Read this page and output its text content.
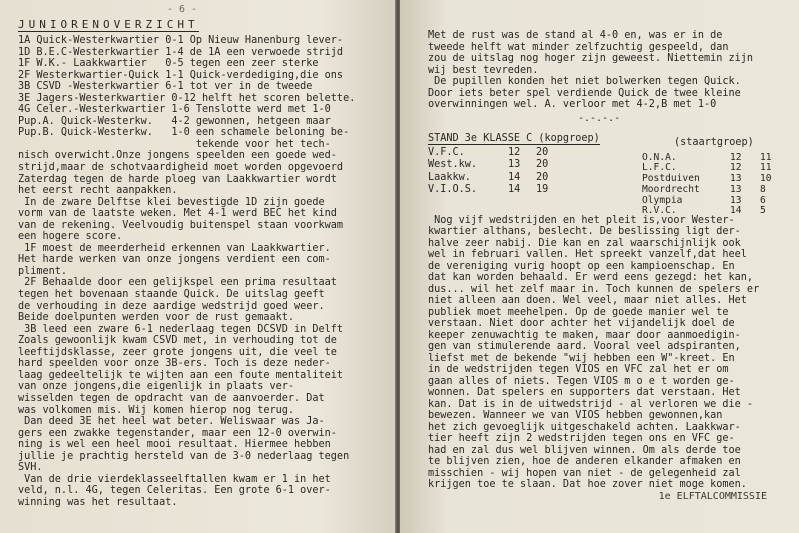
- 6 -
JUNIORENOVERZICHT
1A Quick-Westerkwartier 0-1 Op Nieuw Hanenburg lever-
1D B.E.C-Westerkwartier 1-4 de 1A een verwoede strijd
1F W.K.- Laakkwartier   0-5 tegen een zeer sterke
2F Westerkwartier-Quick 1-1 Quick-verdediging,die ons
3B CSVD -Westerkwartier 6-1 tot ver in de tweede
3E Jagers-Westerkwartier 0-12 helft het scoren belette.
4G Celer.-Westerkwartier 1-6 Tenslotte werd met 1-0
Pup.A. Quick-Westerkw.   4-2 gewonnen, hetgeen maar
Pup.B. Quick-Westerkw.   1-0 een schamele beloning be-
tekende voor het tech-
nisch overwicht.Onze jongens speelden een goede wed-
strijd,maar de schotvaardigheid moet worden opgevoerd
Zaterdag tegen de harde ploeg van Laakkwartier wordt
het eerst recht aanpakken.
In de zware Delftse klei bevestigde 1D zijn goede
vorm van de laatste weken. Met 4-1 werd BEC het kind
van de rekening. Veelvoudig buitenspel staan voorkwam
een hogere score.
1F moest de meerderheid erkennen van Laakkwartier.
Het harde werken van onze jongens verdient een com-
pliment.
2F Behaalde door een gelijkspel een prima resultaat
tegen het bovenaan staande Quick. De uitslag geeft
de verhouding in deze aardige wedstrijd goed weer.
Beide doelpunten werden voor de rust gemaakt.
3B leed een zware 6-1 nederlaag tegen DCSVD in Delft
Zoals gewoonlijk kwam CSVD met, in verhouding tot de
leeftijdsklasse, zeer grote jongens uit, die veel te
hard speelden voor onze 3B-ers. Toch is deze neder-
laag gedeeltelijk te wijten aan een foute mentaliteit
van onze jongens,die eigenlijk in plaats ver-
wisselden tegen de opdracht van de aanvoerder. Dat
was volkomen mis. Wij komen hierop nog terug.
Dan deed 3E het heel wat beter. Weliswaar was Ja-
gers een zwakke tegenstander, maar een 12-0 overwin-
ning is wel een heel mooi resultaat. Hiermee hebben
jullie je prachtig hersteld van de 3-0 nederlaag tegen
SVH.
Van de drie vierdeklasseelftallen kwam er 1 in het
veld, n.l. 4G, tegen Celeritas. Een grote 6-1 over-
winning was het resultaat.
Met de rust was de stand al 4-0 en, was er in de
tweede helft wat minder zelfzuchtig gespeeld, dan
zou de uitslag nog hoger zijn geweest. Niettemin zijn
wij best tevreden.
De pupillen konden het niet bolwerken tegen Quick.
Door iets beter spel verdiende Quick de twee kleine
overwinningen wel. A. verloor met 4-2,B met 1-0
-.-.-.-
STAND 3e KLASSE C (kopgroep)	(staartgroep)
V.F.C.	12	20
West.kw.	13	20
Laakkw.	14	20
V.I.O.S.	14	19
O.N.A.	12	11
L.F.C.	12	11
Postduiven	13	10
Moordrecht	13	8
Olympia	13	6
R.V.C.	14	5
Nog vijf wedstrijden en het pleit is,voor Wester-
kwartier althans, beslecht. De beslissing ligt der-
halve zeer nabij. Die kan en zal waarschijnlijk ook
wel in februari vallen. Het spreekt vanzelf,dat heel
de vereniging vurig hoopt op een kampioenschap. En
dat kan worden behaald. Er werd eens gezegd: het kan,
dus... wil het zelf maar in. Toch kunnen de spelers er
niet alleen aan doen. Wel veel, maar niet alles. Het
publiek moet meehelpen. Op de goede manier wel te
verstaan. Niet door achter het vijandelijk doel de
keeper zenuwachtig te maken, maar door aanmoedigin-
gen van stimulerende aard. Vooral veel adspiranten,
liefst met de bekende "wij hebben een W"-kreet. En
in de wedstrijden tegen VIOS en VFC zal het er om
gaan alles of niets. Tegen VIOS m o e t worden ge-
wonnen. Dat spelers en supporters dat verstaan. Het
kan. Dat is in de uitwedstrijd - al verloren we die -
bewezen. Wanneer we van VIOS hebben gewonnen,kan
het zich gevoeglijk uitgeschakeld achten. Laakkwar-
tier heeft zijn 2 wedstrijden tegen ons en VFC ge-
had en zal dus wel blijven winnen. Om als derde toe
te blijven zien, hoe de anderen elkander afmaken en
misschien - wij hopen van niet - de gelegenheid zal
krijgen toe te slaan. Dat hoe zover niet moge komen.
1e ELFTALCOMMISSIE
